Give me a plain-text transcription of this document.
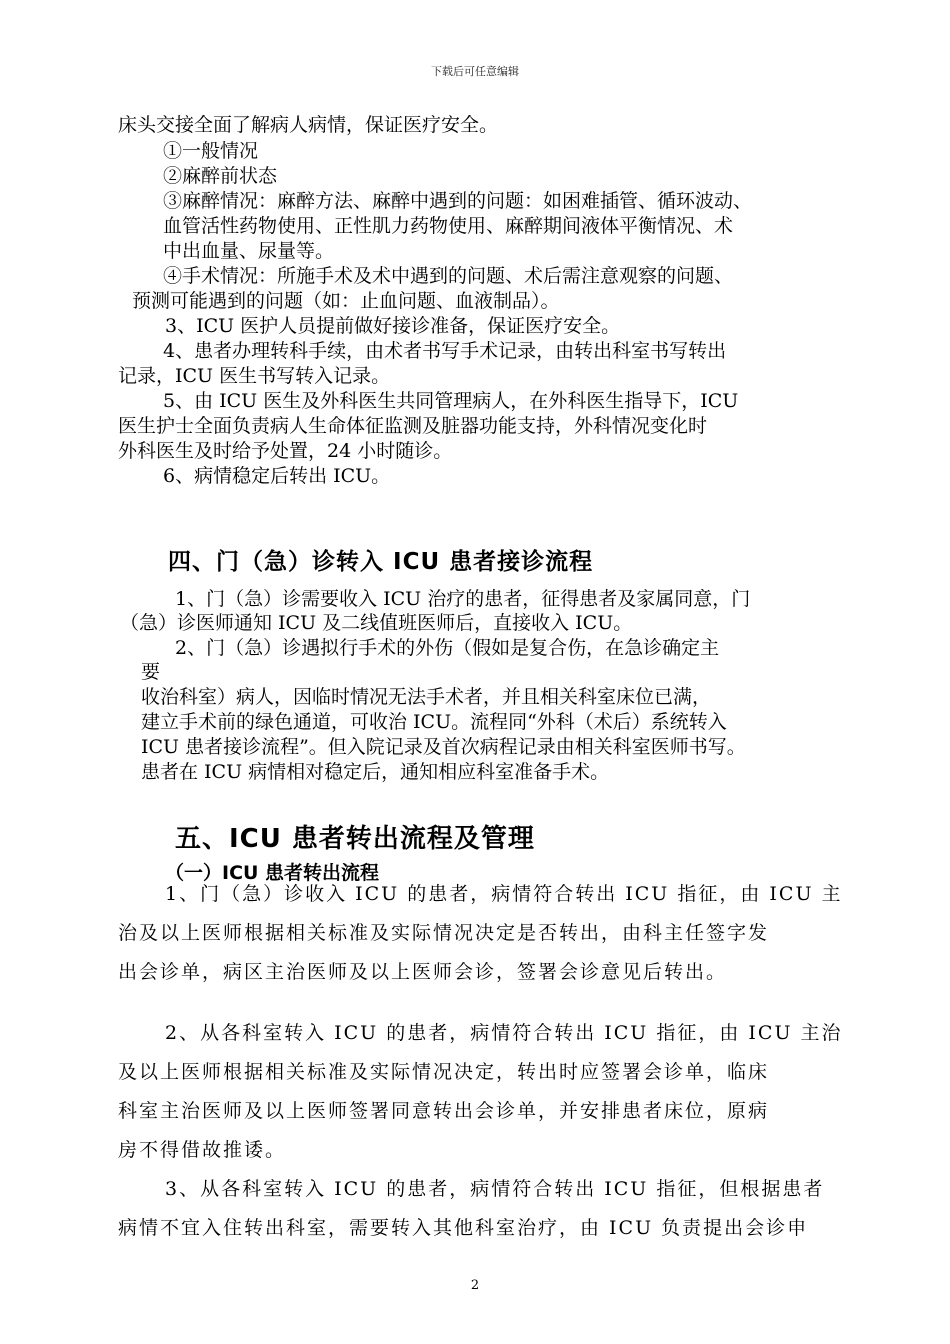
下载后可任意编辑
床头交接全面了解病人病情，保证医疗安全。
①一般情况
②麻醉前状态
③麻醉情况：麻醉方法、麻醉中遇到的问题：如困难插管、循环波动、
血管活性药物使用、正性肌力药物使用、麻醉期间液体平衡情况、术
中出血量、尿量等。
④手术情况：所施手术及术中遇到的问题、术后需注意观察的问题、
预测可能遇到的问题（如：止血问题、血液制品）。
3、ICU 医护人员提前做好接诊准备，保证医疗安全。
4、患者办理转科手续，由术者书写手术记录，由转出科室书写转出
记录，ICU 医生书写转入记录。
5、由 ICU 医生及外科医生共同管理病人，在外科医生指导下，ICU
医生护士全面负责病人生命体征监测及脏器功能支持，外科情况变化时
外科医生及时给予处置，24 小时随诊。
6、病情稳定后转出 ICU。
四、门（急）诊转入 ICU 患者接诊流程
1、门（急）诊需要收入 ICU 治疗的患者，征得患者及家属同意，门
（急）诊医师通知 ICU 及二线值班医师后，直接收入 ICU。
2、门（急）诊遇拟行手术的外伤（假如是复合伤，在急诊确定主
要
收治科室）病人，因临时情况无法手术者，并且相关科室床位已满，
建立手术前的绿色通道，可收治 ICU。流程同“外科（术后）系统转入
ICU 患者接诊流程”。但入院记录及首次病程记录由相关科室医师书写。
患者在 ICU 病情相对稳定后，通知相应科室准备手术。
五、ICU 患者转出流程及管理
（一）ICU 患者转出流程
1、门（急）诊收入 ICU 的患者，病情符合转出 ICU 指征，由 ICU 主
治及以上医师根据相关标准及实际情况决定是否转出，由科主任签字发
出会诊单，病区主治医师及以上医师会诊，签署会诊意见后转出。
2、从各科室转入 ICU 的患者，病情符合转出 ICU 指征，由 ICU 主治
及以上医师根据相关标准及实际情况决定，转出时应签署会诊单，临床
科室主治医师及以上医师签署同意转出会诊单，并安排患者床位，原病
房不得借故推诿。
3、从各科室转入 ICU 的患者，病情符合转出 ICU 指征，但根据患者
病情不宜入住转出科室，需要转入其他科室治疗，由 ICU 负责提出会诊申
2
